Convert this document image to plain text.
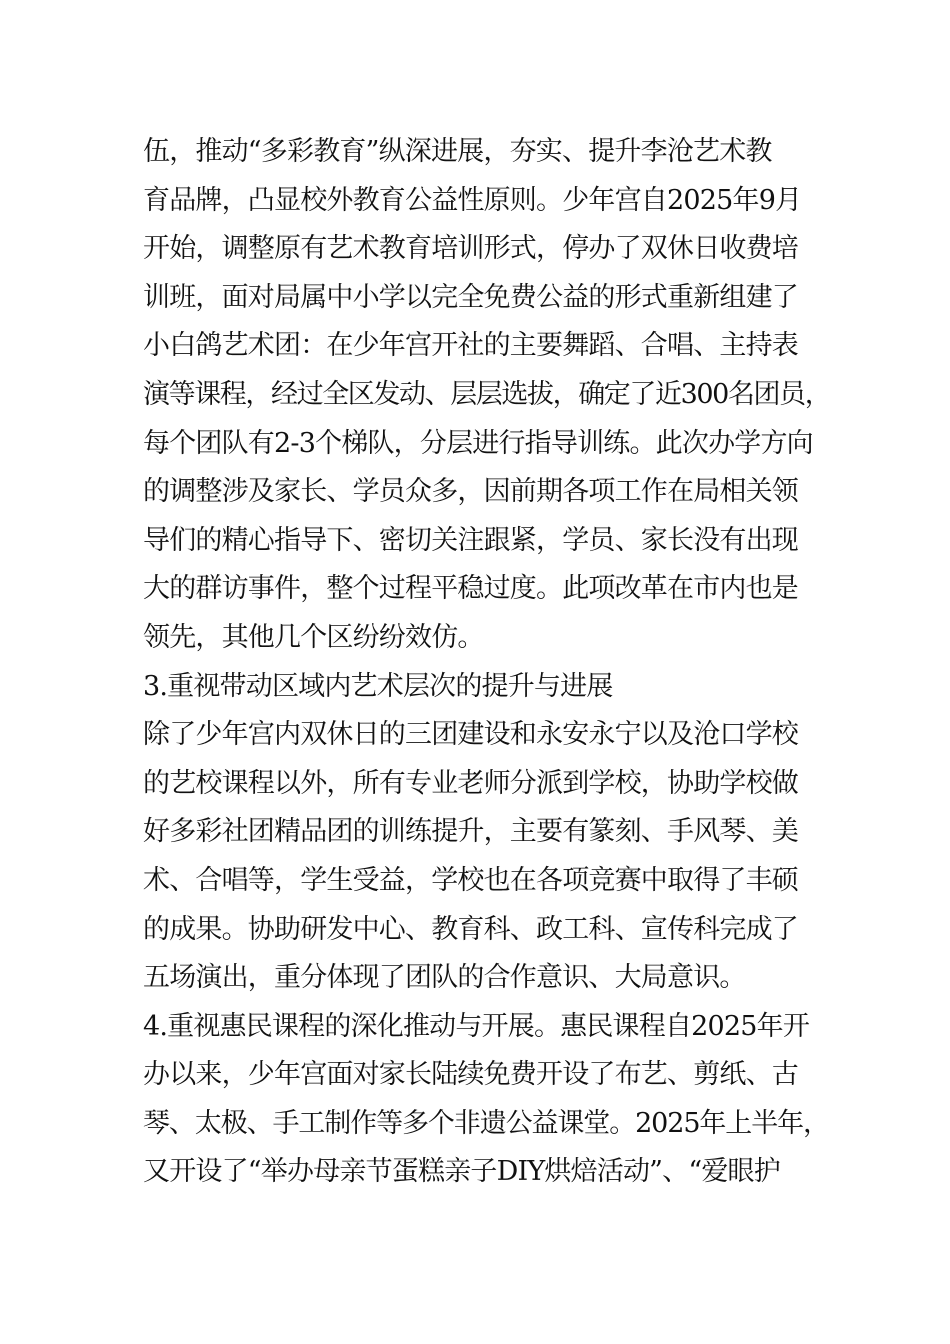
伍，推动“多彩教育”纵深进展，夯实、提升李沧艺术教
育品牌，凸显校外教育公益性原则。少年宫自2025年9月
开始，调整原有艺术教育培训形式，停办了双休日收费培
训班，面对局属中小学以完全免费公益的形式重新组建了
小白鸽艺术团：在少年宫开社的主要舞蹈、合唱、主持表
演等课程，经过全区发动、层层选拔，确定了近300名团员，
每个团队有2-3个梯队，分层进行指导训练。此次办学方向
的调整涉及家长、学员众多，因前期各项工作在局相关领
导们的精心指导下、密切关注跟紧，学员、家长没有出现
大的群访事件，整个过程平稳过度。此项改革在市内也是
领先，其他几个区纷纷效仿。
3.重视带动区域内艺术层次的提升与进展
除了少年宫内双休日的三团建设和永安永宁以及沧口学校
的艺校课程以外，所有专业老师分派到学校，协助学校做
好多彩社团精品团的训练提升，主要有篆刻、手风琴、美
术、合唱等，学生受益，学校也在各项竞赛中取得了丰硕
的成果。协助研发中心、教育科、政工科、宣传科完成了
五场演出，重分体现了团队的合作意识、大局意识。
4.重视惠民课程的深化推动与开展。惠民课程自2025年开
办以来，少年宫面对家长陆续免费开设了布艺、剪纸、古
琴、太极、手工制作等多个非遗公益课堂。2025年上半年，
又开设了“举办母亲节蛋糕亲子DIY烘焙活动”、“爱眼护
